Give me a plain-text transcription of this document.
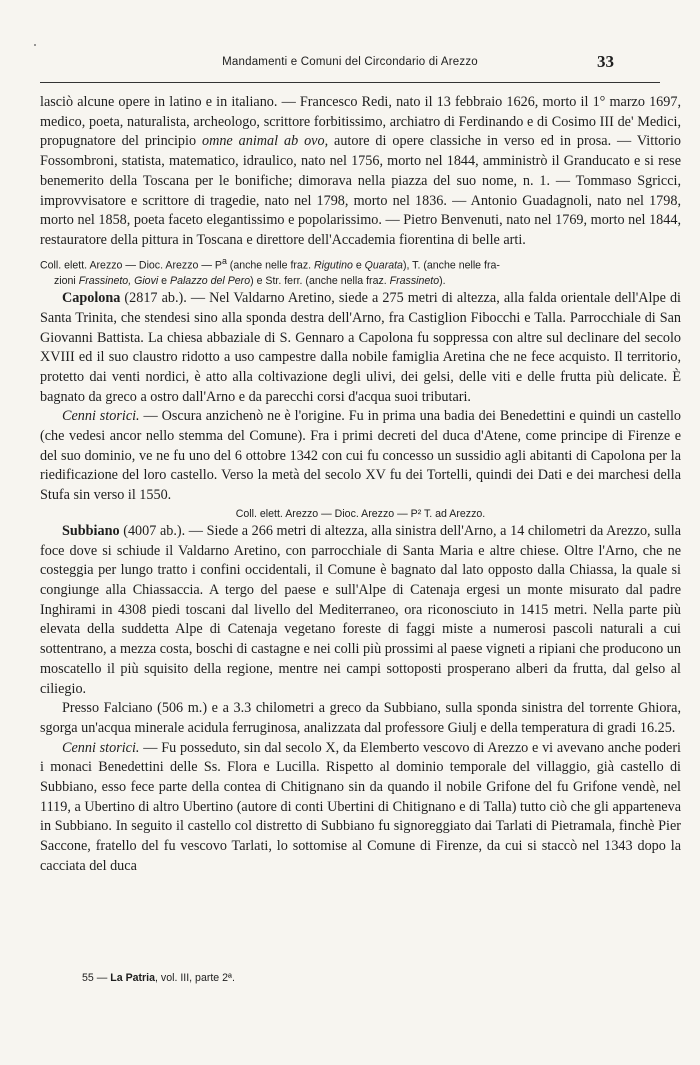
Mandamenti e Comuni del Circondario di Arezzo	33

lasciò alcune opere in latino e in italiano. — Francesco Redi, nato il 13 febbraio 1626, morto il 1° marzo 1697, medico, poeta, naturalista, archeologo, scrittore forbitissimo, archiatro di Ferdinando e di Cosimo III de' Medici, propugnatore del principio omne animal ab ovo, autore di opere classiche in verso ed in prosa. — Vittorio Fossombroni, statista, matematico, idraulico, nato nel 1756, morto nel 1844, amministrò il Granducato e si rese benemerito della Toscana per le bonifiche; dimorava nella piazza del suo nome, n. 1. — Tommaso Sgricci, improvvisatore e scrittore di tragedie, nato nel 1798, morto nel 1836. — Antonio Guadagnoli, nato nel 1798, morto nel 1858, poeta faceto elegantissimo e popolarissimo. — Pietro Benvenuti, nato nel 1769, morto nel 1844, restauratore della pittura in Toscana e direttore dell'Accademia fiorentina di belle arti.

Coll. elett. Arezzo — Dioc. Arezzo — $P^a$ (anche nelle fraz. Rigutino e Quarata), T. (anche nelle fra-
zioni Frassineto, Giovi e Palazzo del Pero) e Str. ferr. (anche nella fraz. Frassineto).

Capolona (2817 ab.). — Nel Valdarno Aretino, siede a 275 metri di altezza, alla falda orientale dell'Alpe di Santa Trinita, che stendesi sino alla sponda destra dell'Arno, fra Castiglion Fibocchi e Talla. Parrocchiale di San Giovanni Battista. La chiesa abbaziale di S. Gennaro a Capolona fu soppressa con altre sul declinare del secolo XVIII ed il suo claustro ridotto a uso campestre dalla nobile famiglia Aretina che ne fece acquisto. Il territorio, protetto dai venti nordici, è atto alla coltivazione degli ulivi, dei gelsi, delle viti e delle frutta più delicate. È bagnato da greco a ostro dall'Arno e da parecchi corsi d'acqua suoi tributari.

Cenni storici. — Oscura anzichenò ne è l'origine. Fu in prima una badia dei Benedettini e quindi un castello (che vedesi ancor nello stemma del Comune). Fra i primi decreti del duca d'Atene, come principe di Firenze e del suo dominio, ve ne fu uno del 6 ottobre 1342 con cui fu concesso un sussidio agli abitanti di Capolona per la riedificazione del loro castello. Verso la metà del secolo XV fu dei Tortelli, quindi dei Dati e dei marchesi della Stufa sin verso il 1550.

Coll. elett. Arezzo — Dioc. Arezzo — P² T. ad Arezzo.

Subbiano (4007 ab.). — Siede a 266 metri di altezza, alla sinistra dell'Arno, a 14 chilometri da Arezzo, sulla foce dove si schiude il Valdarno Aretino, con parrocchiale di Santa Maria e altre chiese. Oltre l'Arno, che ne costeggia per lungo tratto i confini occidentali, il Comune è bagnato dal lato opposto dalla Chiassa, la quale si congiunge alla Chiassaccia. A tergo del paese e sull'Alpe di Catenaja ergesi un monte misurato dal padre Inghirami in 4308 piedi toscani dal livello del Mediterraneo, ora riconosciuto in 1415 metri. Nella parte più elevata della suddetta Alpe di Catenaja vegetano foreste di faggi miste a numerosi pascoli naturali a cui sottentrano, a mezza costa, boschi di castagne e nei colli più prossimi al paese vigneti a ripiani che producono un moscatello il più squisito della regione, mentre nei campi sottoposti prosperano alberi da frutta, dal gelso al ciliegio.

Presso Falciano (506 m.) e a 3.3 chilometri a greco da Subbiano, sulla sponda sinistra del torrente Ghiora, sgorga un'acqua minerale acidula ferruginosa, analizzata dal professore Giulj e della temperatura di gradi 16.25.

Cenni storici. — Fu posseduto, sin dal secolo X, da Elemberto vescovo di Arezzo e vi avevano anche poderi i monaci Benedettini delle Ss. Flora e Lucilla. Rispetto al dominio temporale del villaggio, già castello di Subbiano, esso fece parte della contea di Chitignano sin da quando il nobile Grifone del fu Grifone vendè, nel 1119, a Ubertino di altro Ubertino (autore di conti Ubertini di Chitignano e di Talla) tutto ciò che gli apparteneva in Subbiano. In seguito il castello col distretto di Subbiano fu signoreggiato dai Tarlati di Pietramala, finchè Pier Saccone, fratello del fu vescovo Tarlati, lo sottomise al Comune di Firenze, da cui si staccò nel 1343 dopo la cacciata del duca

55 — La Patria, vol. III, parte 2ª.
